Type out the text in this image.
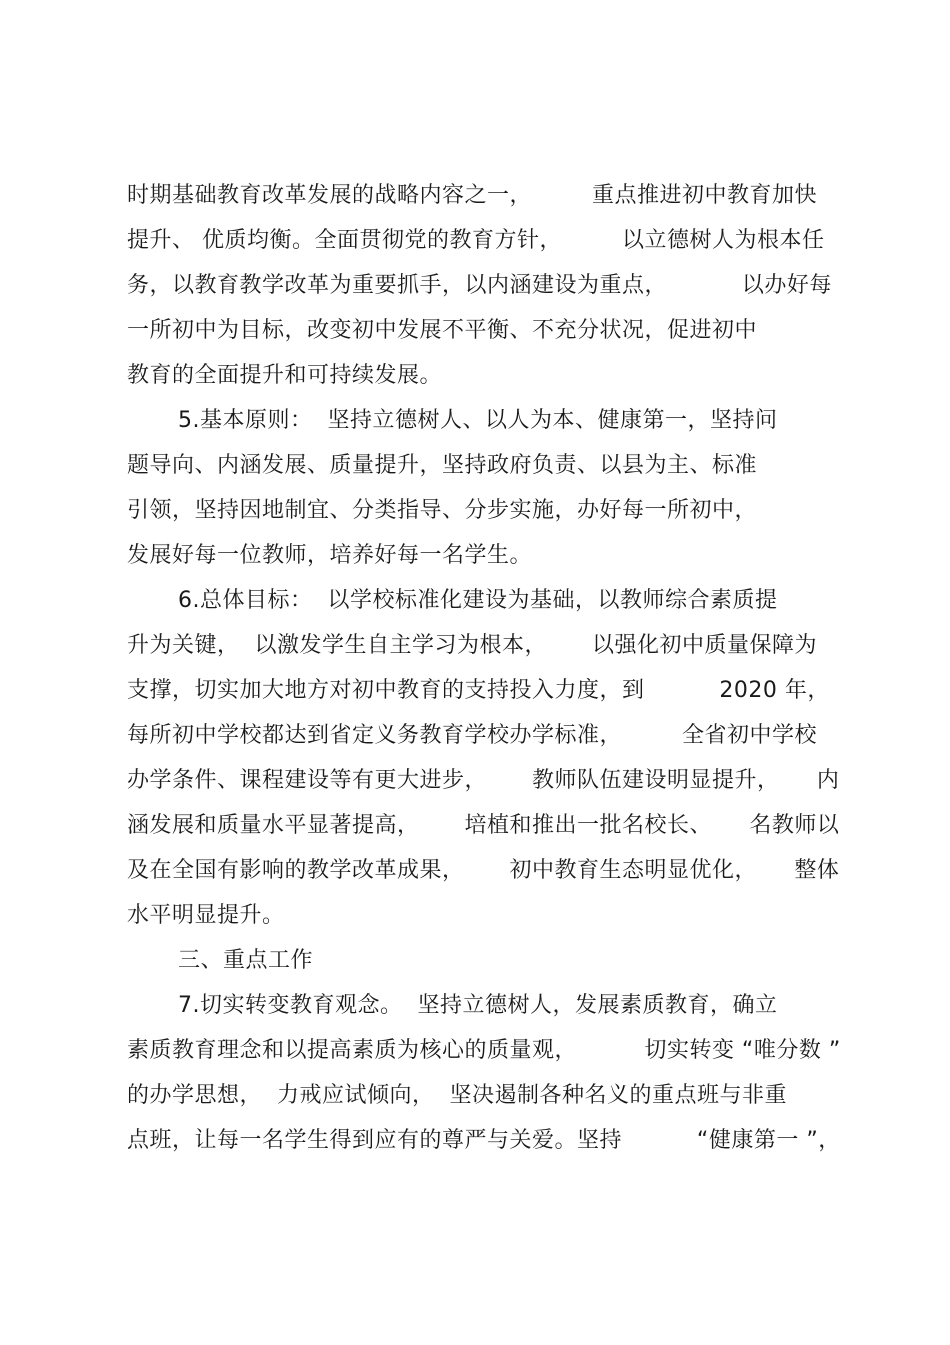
时期基础教育改革发展的战略内容之一，        重点推进初中教育加快
提升、 优质均衡。全面贯彻党的教育方针，        以立德树人为根本任
务，以教育教学改革为重要抓手，以内涵建设为重点，          以办好每
一所初中为目标，改变初中发展不平衡、不充分状况，促进初中
教育的全面提升和可持续发展。
5.基本原则：  坚持立德树人、以人为本、健康第一，坚持问
题导向、内涵发展、质量提升，坚持政府负责、以县为主、标准
引领，坚持因地制宜、分类指导、分步实施，办好每一所初中，
发展好每一位教师，培养好每一名学生。
6.总体目标：  以学校标准化建设为基础，以教师综合素质提
升为关键，  以激发学生自主学习为根本，      以强化初中质量保障为
支撑，切实加大地方对初中教育的支持投入力度，到          2020 年，
每所初中学校都达到省定义务教育学校办学标准，        全省初中学校
办学条件、课程建设等有更大进步，      教师队伍建设明显提升，     内
涵发展和质量水平显著提高，      培植和推出一批名校长、     名教师以
及在全国有影响的教学改革成果，      初中教育生态明显优化，     整体
水平明显提升。
三、重点工作
7.切实转变教育观念。  坚持立德树人，发展素质教育，确立
素质教育理念和以提高素质为核心的质量观，         切实转变 “唯分数 ”
的办学思想，  力戒应试倾向，  坚决遏制各种名义的重点班与非重
点班，让每一名学生得到应有的尊严与关爱。坚持          “健康第一 ”，
